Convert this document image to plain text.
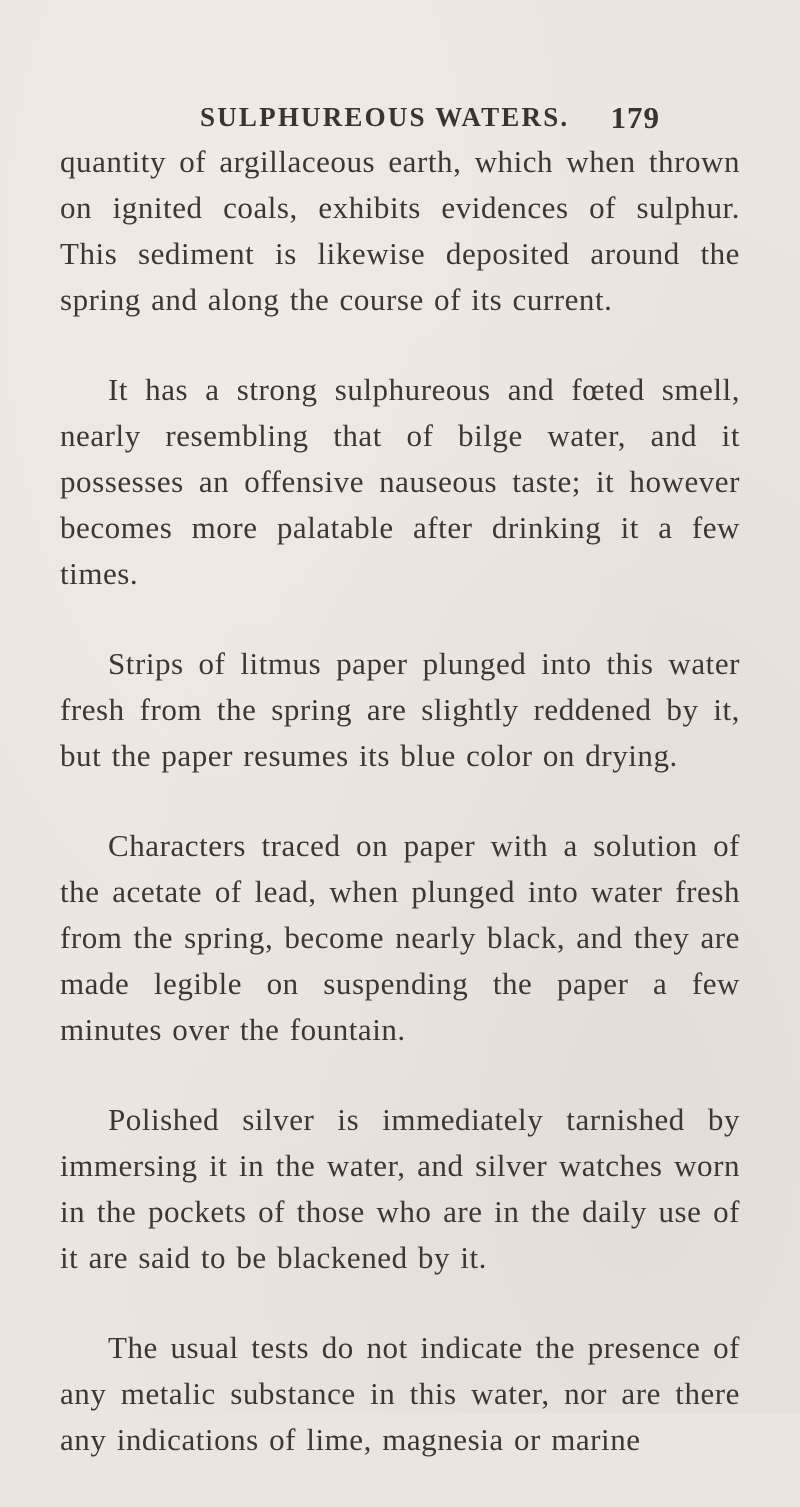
SULPHUREOUS WATERS. 179

quantity of argillaceous earth, which when thrown on ignited coals, exhibits evidences of sulphur. This sediment is likewise deposited around the spring and along the course of its current.

It has a strong sulphureous and fœted smell, nearly resembling that of bilge water, and it possesses an offensive nauseous taste; it however becomes more palatable after drinking it a few times.

Strips of litmus paper plunged into this water fresh from the spring are slightly reddened by it, but the paper resumes its blue color on drying.

Characters traced on paper with a solution of the acetate of lead, when plunged into water fresh from the spring, become nearly black, and they are made legible on suspending the paper a few minutes over the fountain.

Polished silver is immediately tarnished by immersing it in the water, and silver watches worn in the pockets of those who are in the daily use of it are said to be blackened by it.

The usual tests do not indicate the presence of any metalic substance in this water, nor are there any indications of lime, magnesia or marine
